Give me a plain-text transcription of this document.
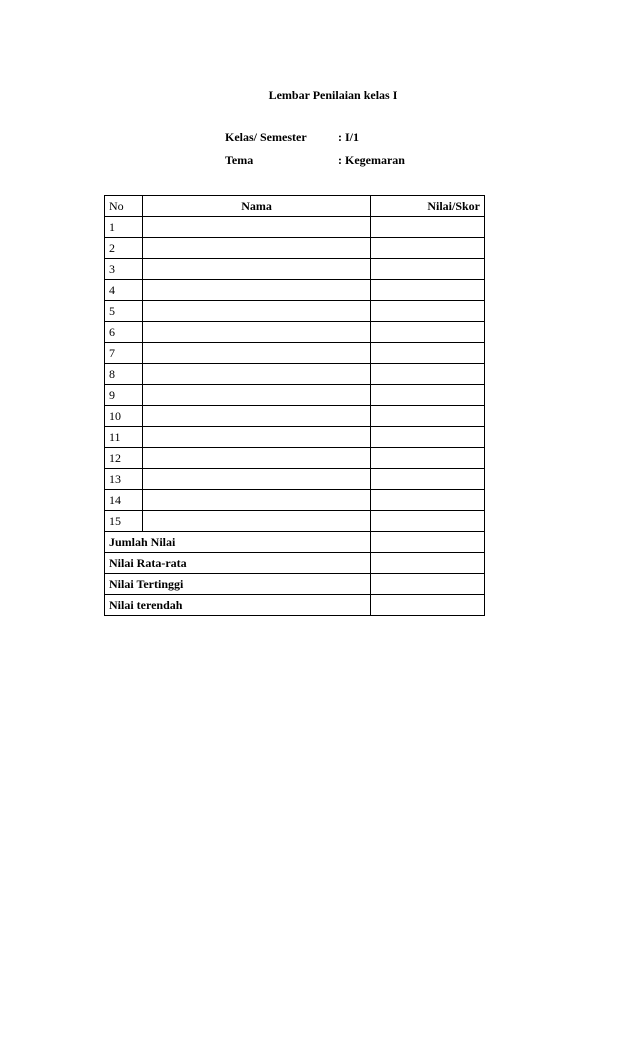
Lembar Penilaian kelas I
Kelas/ Semester	: I/1
Tema	: Kegemaran
No	Nama	Nilai/Skor
1		
2		
3		
4		
5		
6		
7		
8		
9		
10		
11		
12		
13		
14		
15		
Jumlah Nilai		
Nilai Rata-rata		
Nilai Tertinggi		
Nilai terendah		
